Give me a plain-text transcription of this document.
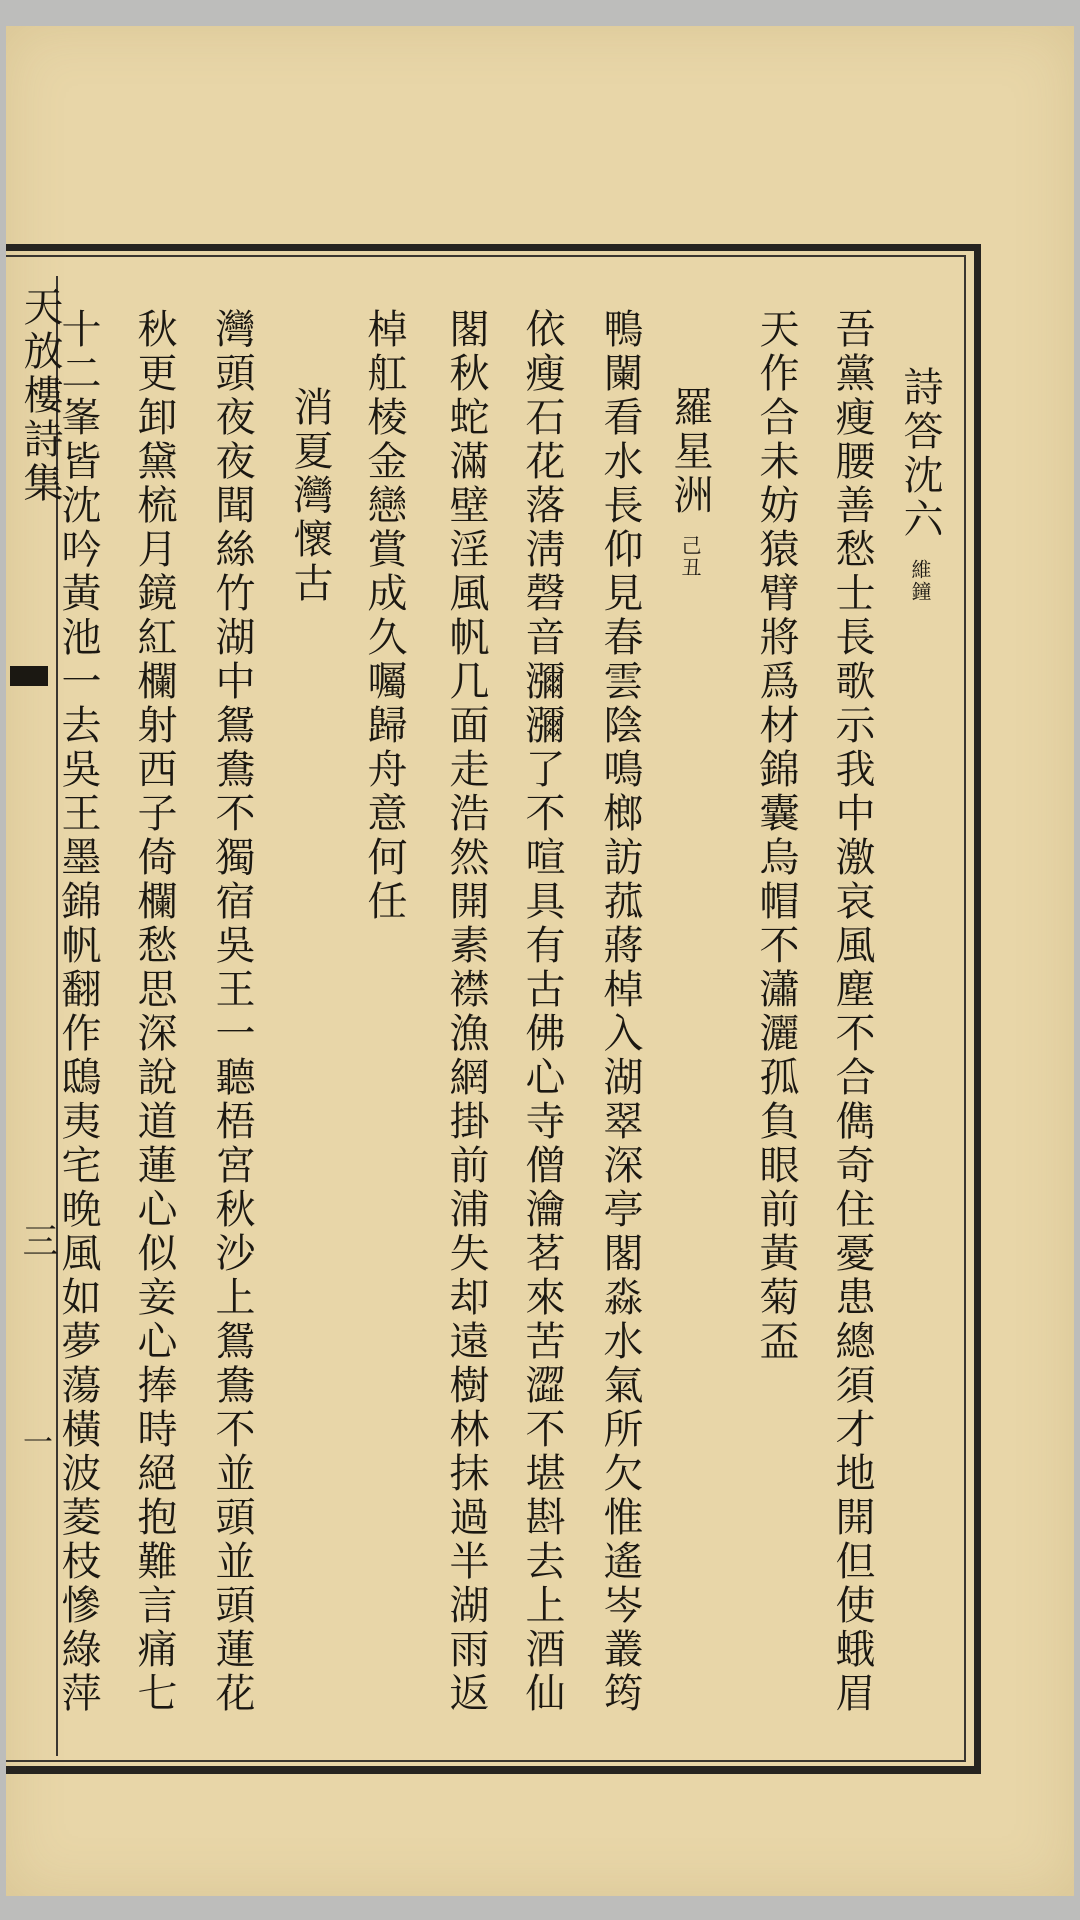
天放樓詩集
三
一
詩答沈六 維鐘
吾黨瘦腰善愁士長歌示我中激哀風塵不合儁奇住憂患總須才地開但使蛾眉
天作合未妨猿臂將爲材錦囊烏帽不瀟灑孤負眼前黃菊盃
羅星洲 己丑
鴨闌看水長仰見春雲陰鳴榔訪菰蔣棹入湖翠深亭閣淼水氣所欠惟遙岑叢筠
依瘦石花落淸磬音瀰瀰了不喧具有古佛心寺僧瀹茗來苦澀不堪斟去上酒仙
閣秋蛇滿壁淫風帆几面走浩然開素襟漁網掛前浦失却遠樹林抹過半湖雨返
棹舡棱金戀賞成久囑歸舟意何任
消夏灣懷古
灣頭夜夜聞絲竹湖中鴛鴦不獨宿吳王一聽梧宮秋沙上鴛鴦不並頭並頭蓮花
秋更卸黛梳月鏡紅欄射西子倚欄愁思深說道蓮心似妾心捧時絕抱難言痛七
十二峯皆沈吟黃池一去吳王墨錦帆翻作鴟夷宅晚風如夢蕩橫波菱枝慘綠萍
